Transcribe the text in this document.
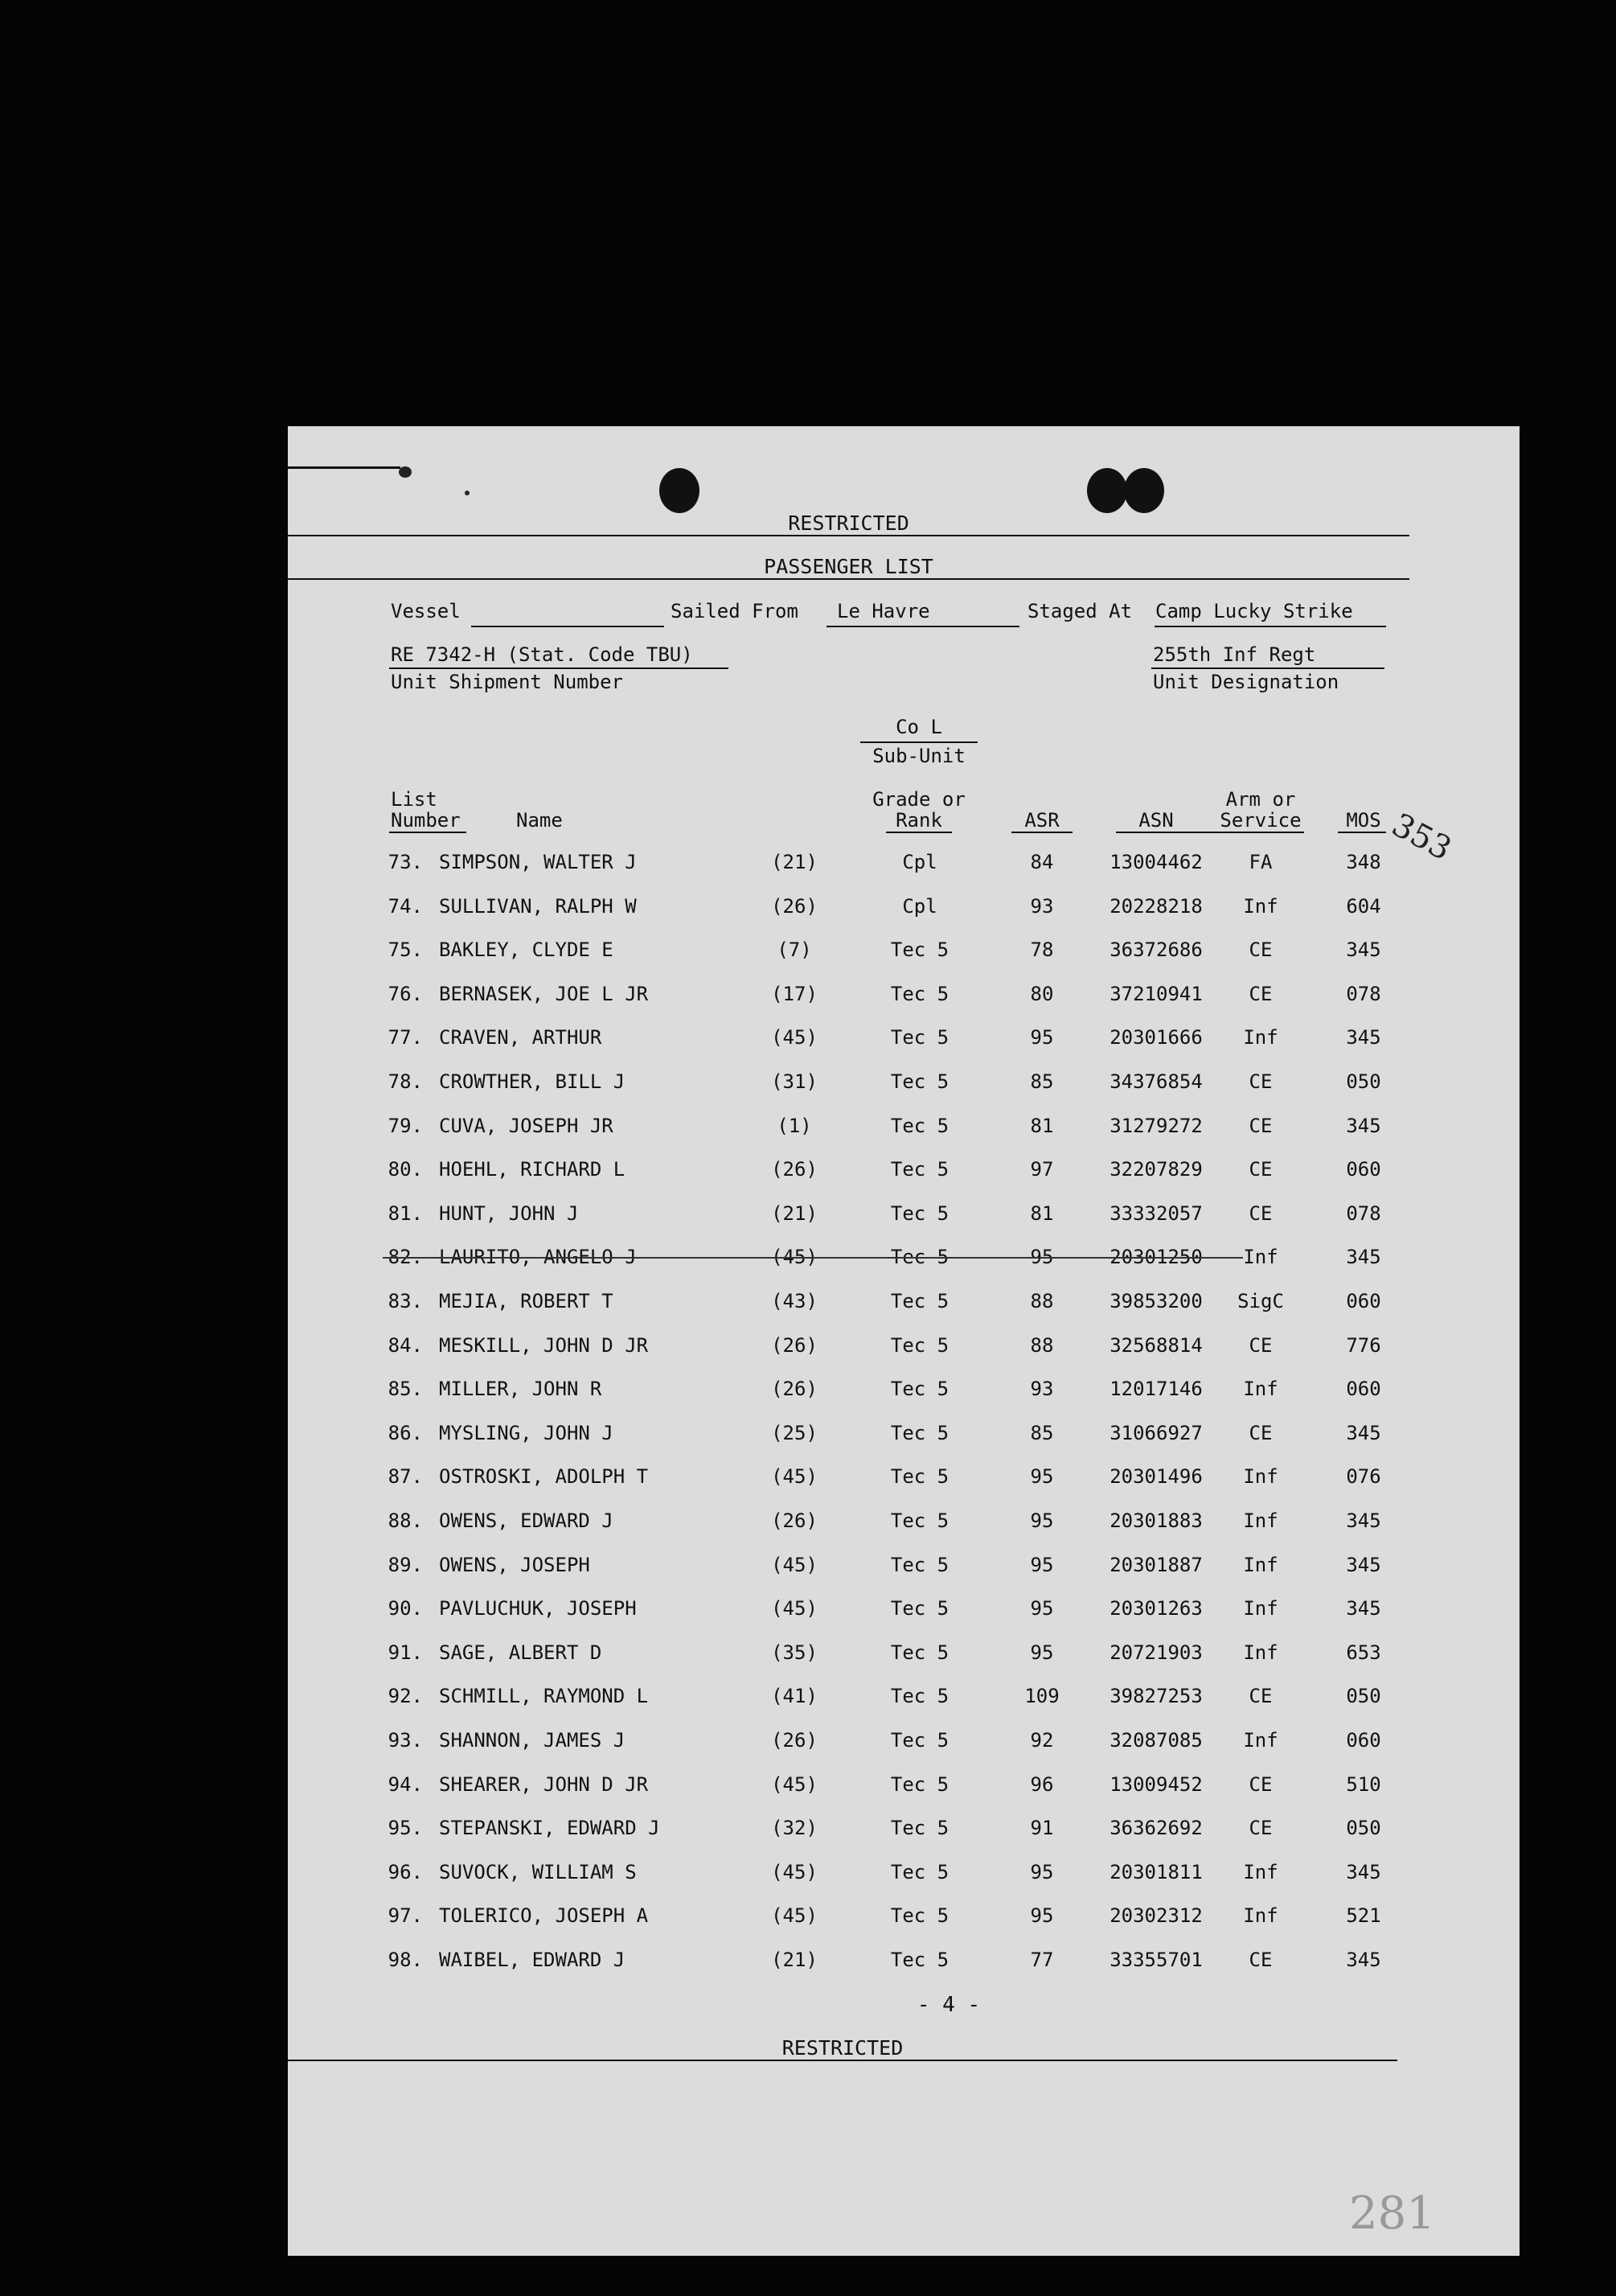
RESTRICTED
PASSENGER LIST
Vessel	Sailed From Le Havre	Staged At Camp Lucky Strike
RE 7342-H (Stat. Code TBU)
Unit Shipment Number
255th Inf Regt
Unit Designation
Co L
Sub-Unit
List
Number	Name
Grade or
Rank	ASR	ASN
Arm or
Service	MOS 353
73. SIMPSON, WALTER J	(21)	Cpl	84	13004462	FA	348
74. SULLIVAN, RALPH W	(26)	Cpl	93	20228218	Inf	604
75. BAKLEY, CLYDE E	(7)	Tec 5	78	36372686	CE	345
76. BERNASEK, JOE L JR	(17)	Tec 5	80	37210941	CE	078
77. CRAVEN, ARTHUR	(45)	Tec 5	95	20301666	Inf	345
78. CROWTHER, BILL J	(31)	Tec 5	85	34376854	CE	050
79. CUVA, JOSEPH JR	(1)	Tec 5	81	31279272	CE	345
80. HOEHL, RICHARD L	(26)	Tec 5	97	32207829	CE	060
81. HUNT, JOHN J	(21)	Tec 5	81	33332057	CE	078
82. LAURITO, ANGELO J	(45)	Tec 5	95	20301250	Inf	345
83. MEJIA, ROBERT T	(43)	Tec 5	88	39853200	SigC	060
84. MESKILL, JOHN D JR	(26)	Tec 5	88	32568814	CE	776
85. MILLER, JOHN R	(26)	Tec 5	93	12017146	Inf	060
86. MYSLING, JOHN J	(25)	Tec 5	85	31066927	CE	345
87. OSTROSKI, ADOLPH T	(45)	Tec 5	95	20301496	Inf	076
88. OWENS, EDWARD J	(26)	Tec 5	95	20301883	Inf	345
89. OWENS, JOSEPH	(45)	Tec 5	95	20301887	Inf	345
90. PAVLUCHUK, JOSEPH	(45)	Tec 5	95	20301263	Inf	345
91. SAGE, ALBERT D	(35)	Tec 5	95	20721903	Inf	653
92. SCHMILL, RAYMOND L	(41)	Tec 5	109	39827253	CE	050
93. SHANNON, JAMES J	(26)	Tec 5	92	32087085	Inf	060
94. SHEARER, JOHN D JR	(45)	Tec 5	96	13009452	CE	510
95. STEPANSKI, EDWARD J	(32)	Tec 5	91	36362692	CE	050
96. SUVOCK, WILLIAM S	(45)	Tec 5	95	20301811	Inf	345
97. TOLERICO, JOSEPH A	(45)	Tec 5	95	20302312	Inf	521
98. WAIBEL, EDWARD J	(21)	Tec 5	77	33355701	CE	345
- 4 -
RESTRICTED
281
